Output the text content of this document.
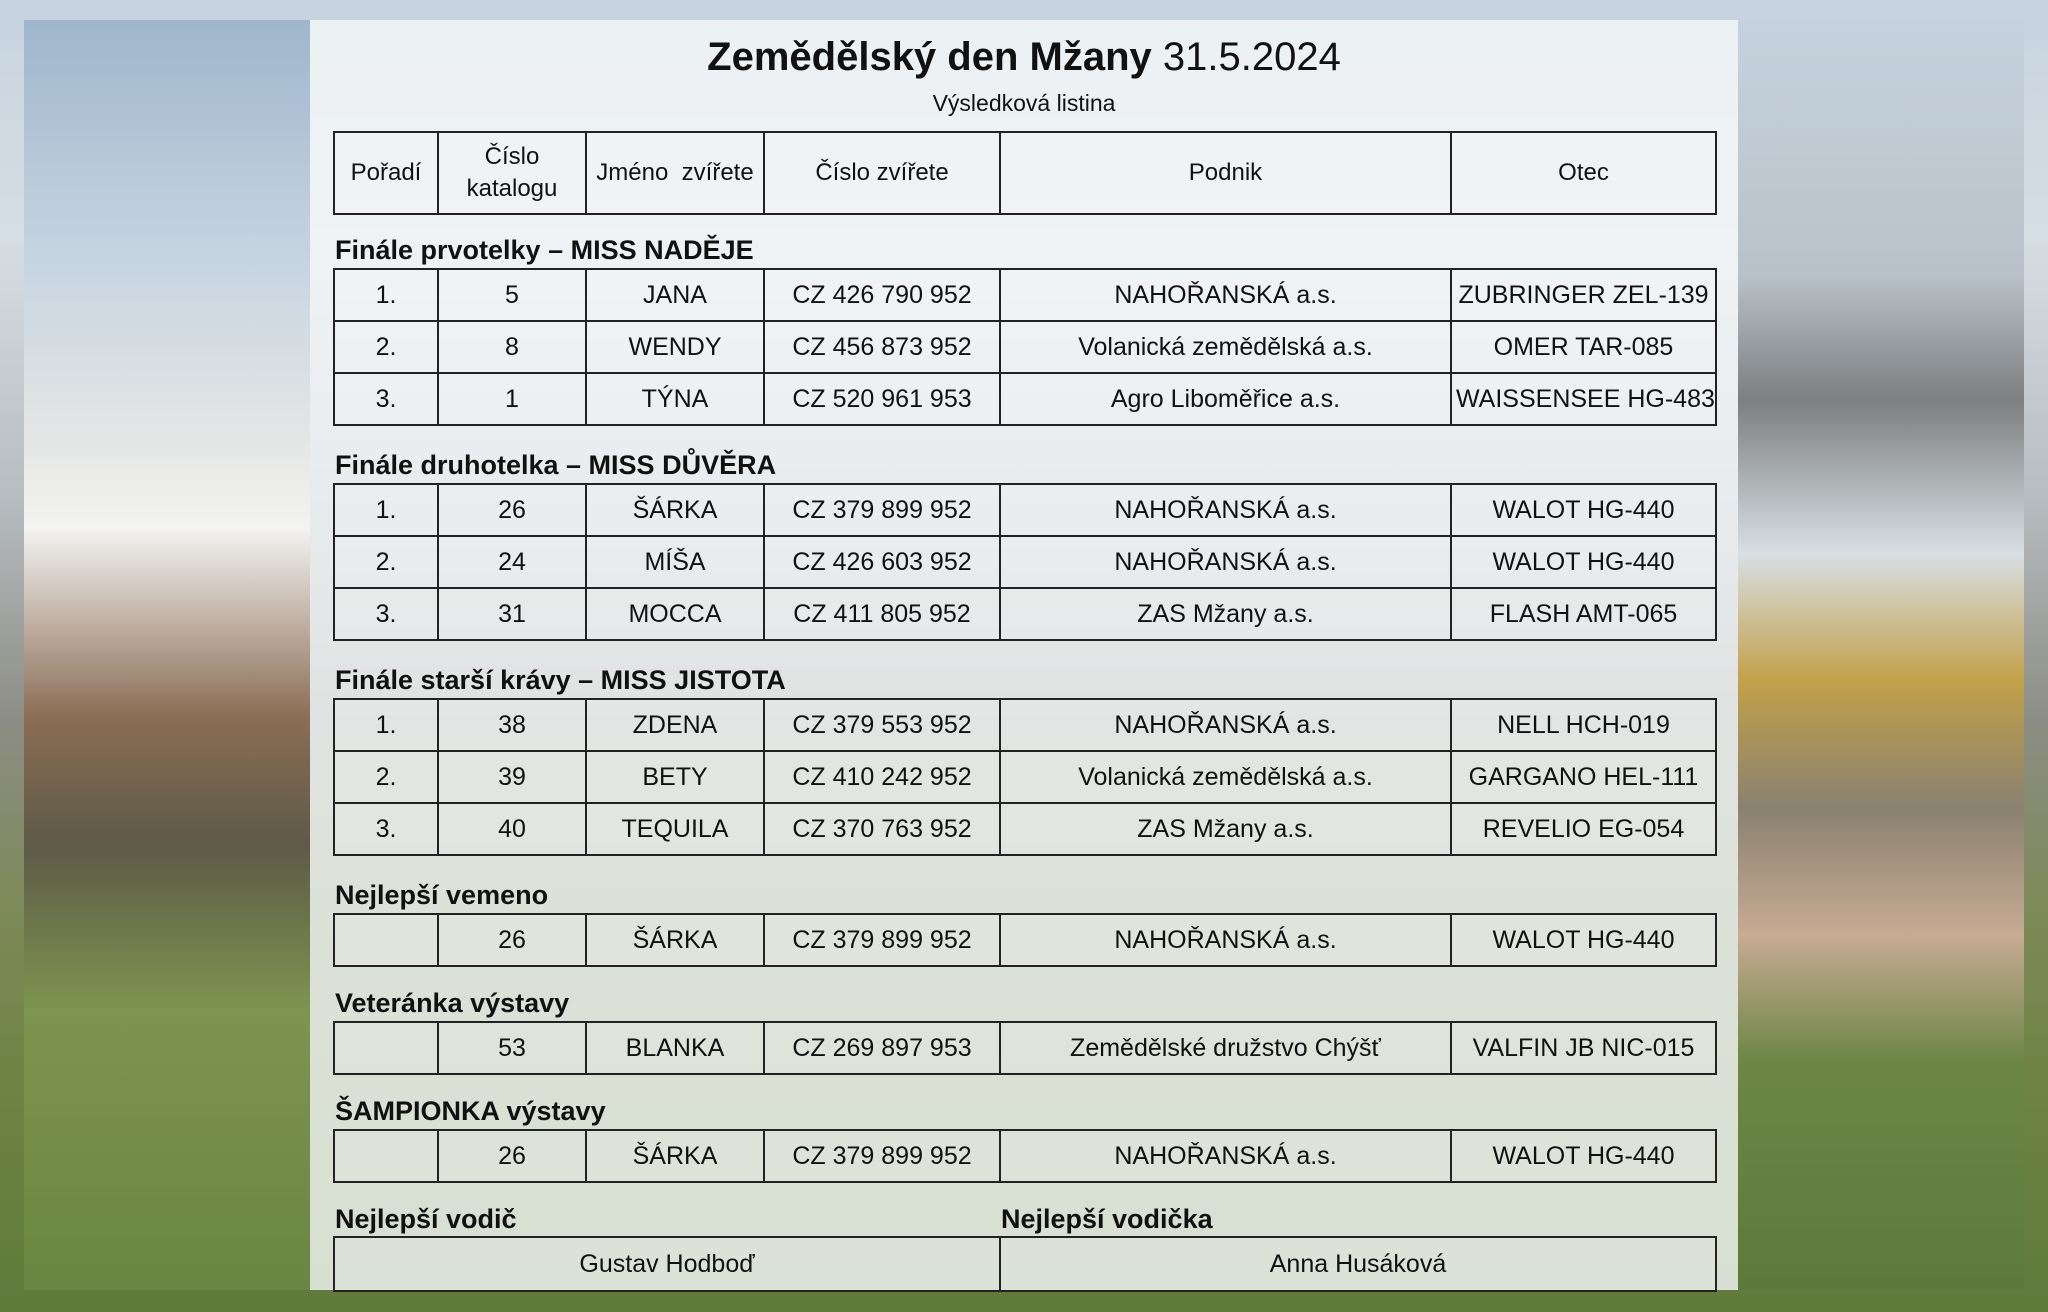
Zemědělský den Mžany 31.5.2024
Výsledková listina
Pořadí	Číslo katalogu	Jméno  zvířete	Číslo zvířete	Podnik	Otec
Finále prvotelky – MISS NADĚJE
1.	5	JANA	CZ 426 790 952	NAHOŘANSKÁ a.s.	ZUBRINGER ZEL-139
2.	8	WENDY	CZ 456 873 952	Volanická zemědělská a.s.	OMER TAR-085
3.	1	TÝNA	CZ 520 961 953	Agro Liboměřice a.s.	WAISSENSEE HG-483
Finále druhotelka – MISS DŮVĚRA
1.	26	ŠÁRKA	CZ 379 899 952	NAHOŘANSKÁ a.s.	WALOT HG-440
2.	24	MÍŠA	CZ 426 603 952	NAHOŘANSKÁ a.s.	WALOT HG-440
3.	31	MOCCA	CZ 411 805 952	ZAS Mžany a.s.	FLASH AMT-065
Finále starší krávy – MISS JISTOTA
1.	38	ZDENA	CZ 379 553 952	NAHOŘANSKÁ a.s.	NELL HCH-019
2.	39	BETY	CZ 410 242 952	Volanická zemědělská a.s.	GARGANO HEL-111
3.	40	TEQUILA	CZ 370 763 952	ZAS Mžany a.s.	REVELIO EG-054
Nejlepší vemeno
	26	ŠÁRKA	CZ 379 899 952	NAHOŘANSKÁ a.s.	WALOT HG-440
Veteránka výstavy
	53	BLANKA	CZ 269 897 953	Zemědělské družstvo Chýšť	VALFIN JB NIC-015
ŠAMPIONKA výstavy
	26	ŠÁRKA	CZ 379 899 952	NAHOŘANSKÁ a.s.	WALOT HG-440
Nejlepší vodič	Nejlepší vodička
Gustav Hodboď	Anna Husáková
